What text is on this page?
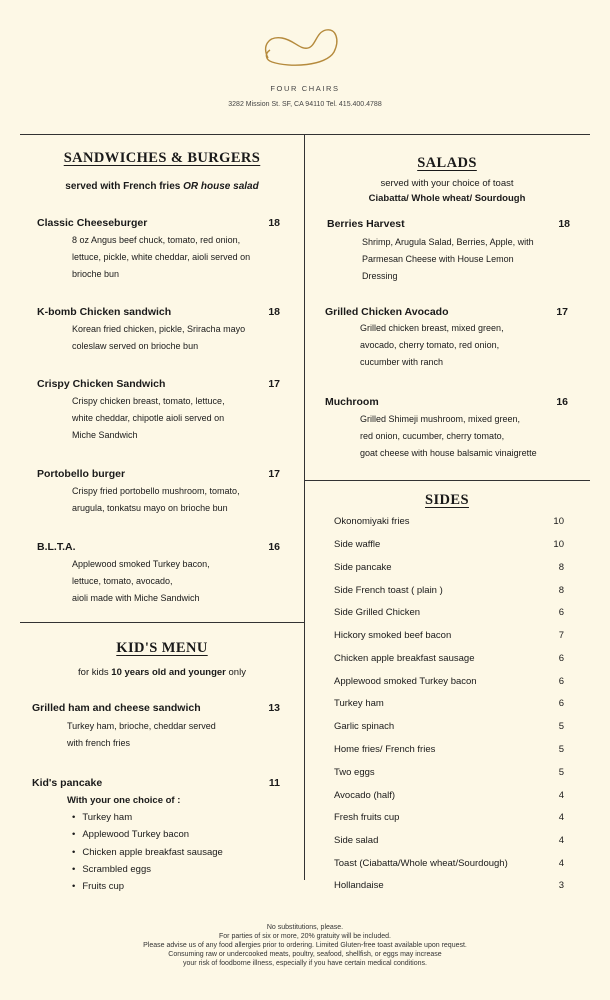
FOUR CHAIRS
3282 Mission St. SF, CA 94110 Tel. 415.400.4788
SANDWICHES & BURGERS
served with French fries OR house salad
Classic Cheeseburger	18
8 oz Angus beef chuck, tomato, red onion,
lettuce, pickle, white cheddar, aioli served on
brioche bun
K-bomb Chicken sandwich	18
Korean fried chicken, pickle, Sriracha mayo
coleslaw served on brioche bun
Crispy Chicken Sandwich	17
Crispy chicken breast, tomato, lettuce,
white cheddar, chipotle aioli served on
Miche Sandwich
Portobello burger	17
Crispy fried portobello mushroom, tomato,
arugula, tonkatsu mayo on brioche bun
B.L.T.A.	16
Applewood smoked Turkey bacon,
lettuce, tomato, avocado,
aioli made with Miche Sandwich
KID'S MENU
for kids 10 years old and younger only
Grilled ham and cheese sandwich	13
Turkey ham, brioche, cheddar served
with french fries
Kid's pancake	11
With your one choice of :
• Turkey ham
• Applewood Turkey bacon
• Chicken apple breakfast sausage
• Scrambled eggs
• Fruits cup
SALADS
served with your choice of toast
Ciabatta/ Whole wheat/ Sourdough
Berries Harvest	18
Shrimp, Arugula Salad, Berries, Apple, with
Parmesan Cheese with House Lemon
Dressing
Grilled Chicken Avocado	17
Grilled chicken breast, mixed green,
avocado, cherry tomato, red onion,
cucumber with ranch
Muchroom	16
Grilled Shimeji mushroom, mixed green,
red onion, cucumber, cherry tomato,
goat cheese with house balsamic vinaigrette
SIDES
Okonomiyaki fries	10
Side waffle	10
Side pancake	8
Side French toast ( plain )	8
Side Grilled Chicken	6
Hickory smoked beef bacon	7
Chicken apple breakfast sausage	6
Applewood smoked Turkey bacon	6
Turkey ham	6
Garlic spinach	5
Home fries/ French fries	5
Two eggs	5
Avocado (half)	4
Fresh fruits cup	4
Side salad	4
Toast (Ciabatta/Whole wheat/Sourdough)	4
Hollandaise	3
No substitutions, please.
For parties of six or more, 20% gratuity will be included.
Please advise us of any food allergies prior to ordering. Limited Gluten-free toast available upon request.
Consuming raw or undercooked meats, poultry, seafood, shellfish, or eggs may increase
your risk of foodborne illness, especially if you have certain medical conditions.
